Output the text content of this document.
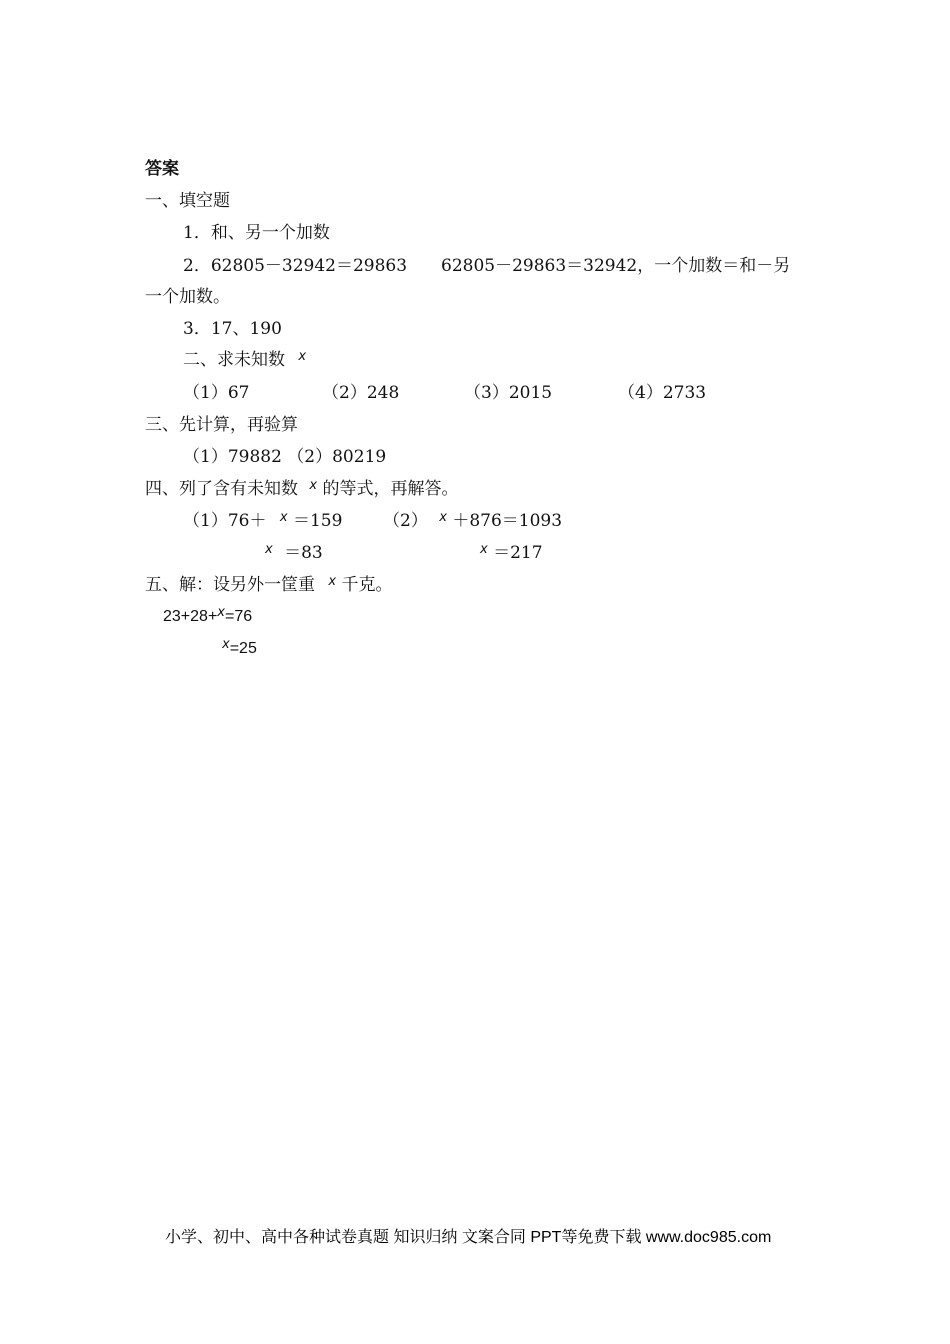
答案
一、填空题
1．和、另一个加数
2．62805－32942＝29863 62805－29863＝32942，一个加数＝和－另
一个加数。
3．17、190
二、求未知数 $^x$
（1）67	（2）248	（3）2015	（4）2733
三、先计算，再验算
（1）79882 （2）80219
四、列了含有未知数 $^x$ 的等式，再解答。
（1）76＋ $^x$ ＝159 （2） $^x$ ＋876＝1093
$^x$ ＝83	$^x$ ＝217
五、解：设另外一筐重 $^x$ 千克。
23+28+$^x$=76
$^x$=25
小学、初中、高中各种试卷真题 知识归纳 文案合同 PPT等免费下载 www.doc985.com
